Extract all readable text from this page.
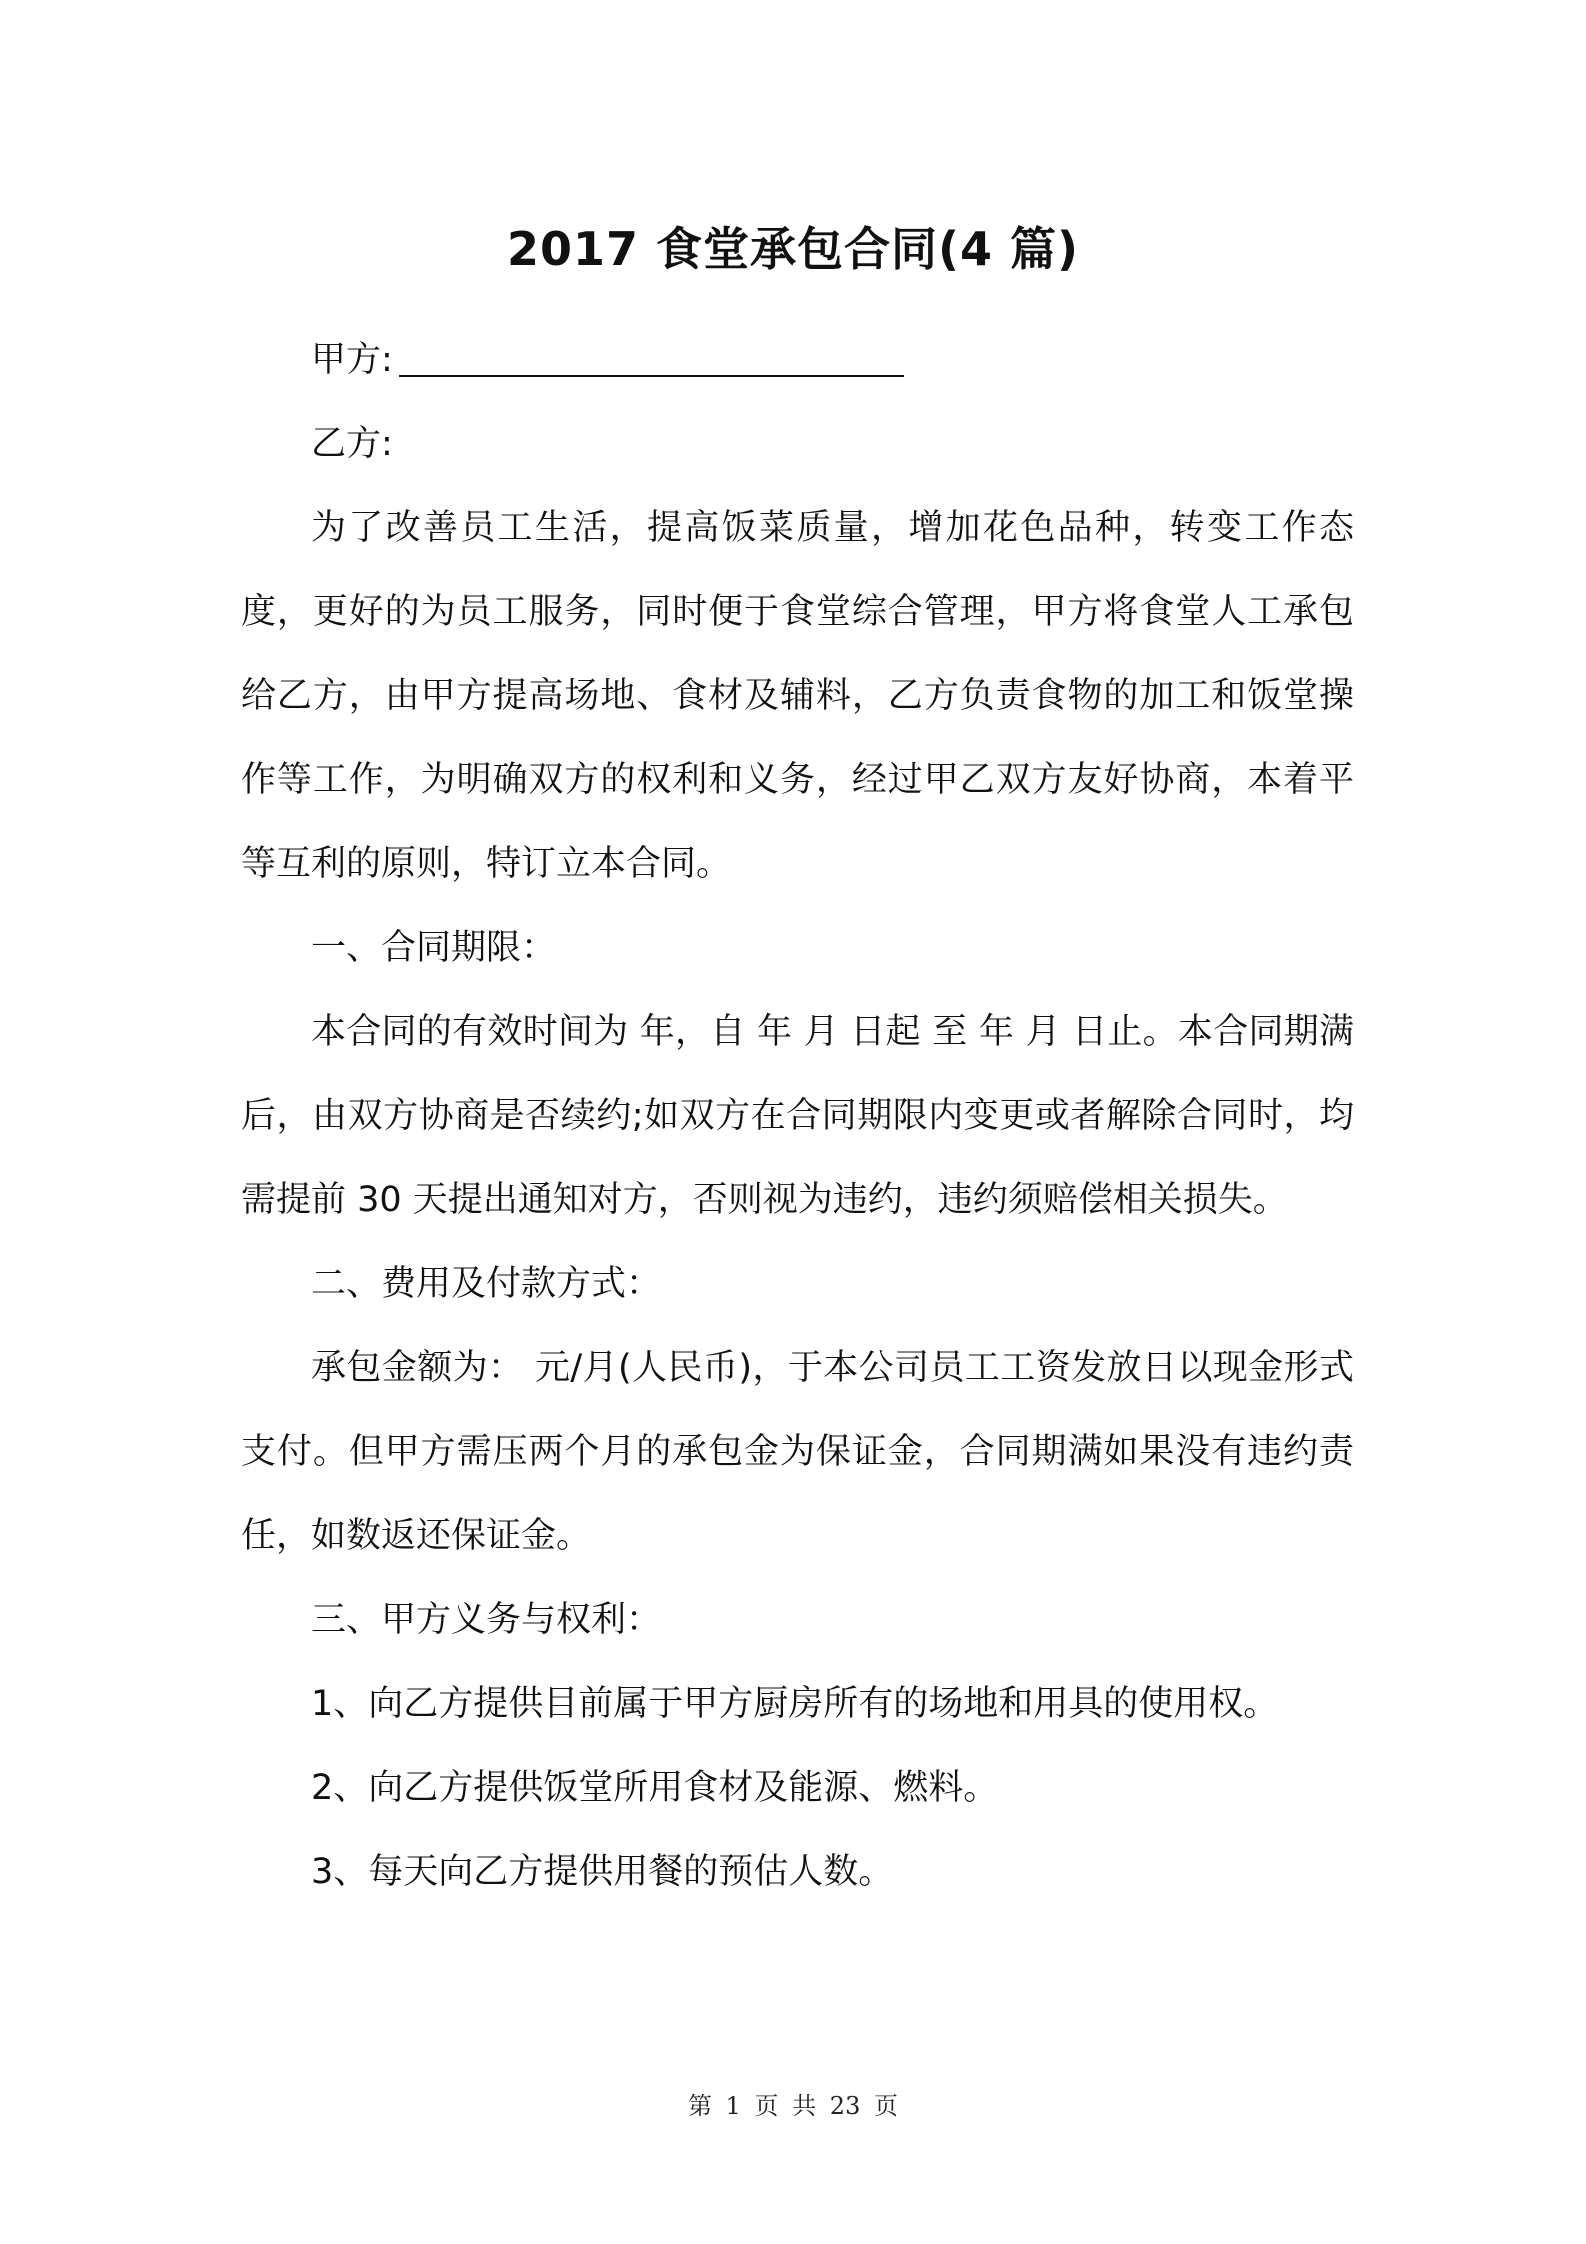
2017 食堂承包合同(4 篇)

甲方:

乙方:

为了改善员工生活，提高饭菜质量，增加花色品种，转变工作态度，更好的为员工服务，同时便于食堂综合管理，甲方将食堂人工承包给乙方，由甲方提高场地、食材及辅料，乙方负责食物的加工和饭堂操作等工作，为明确双方的权利和义务，经过甲乙双方友好协商，本着平等互利的原则，特订立本合同。

一、合同期限：

本合同的有效时间为 年，自 年 月 日起 至 年 月 日止。本合同期满后，由双方协商是否续约;如双方在合同期限内变更或者解除合同时，均需提前 30 天提出通知对方，否则视为违约，违约须赔偿相关损失。

二、费用及付款方式：

承包金额为： 元/月(人民币)，于本公司员工工资发放日以现金形式支付。但甲方需压两个月的承包金为保证金，合同期满如果没有违约责任，如数返还保证金。

三、甲方义务与权利：

1、向乙方提供目前属于甲方厨房所有的场地和用具的使用权。

2、向乙方提供饭堂所用食材及能源、燃料。

3、每天向乙方提供用餐的预估人数。

第 1 页 共 23 页
